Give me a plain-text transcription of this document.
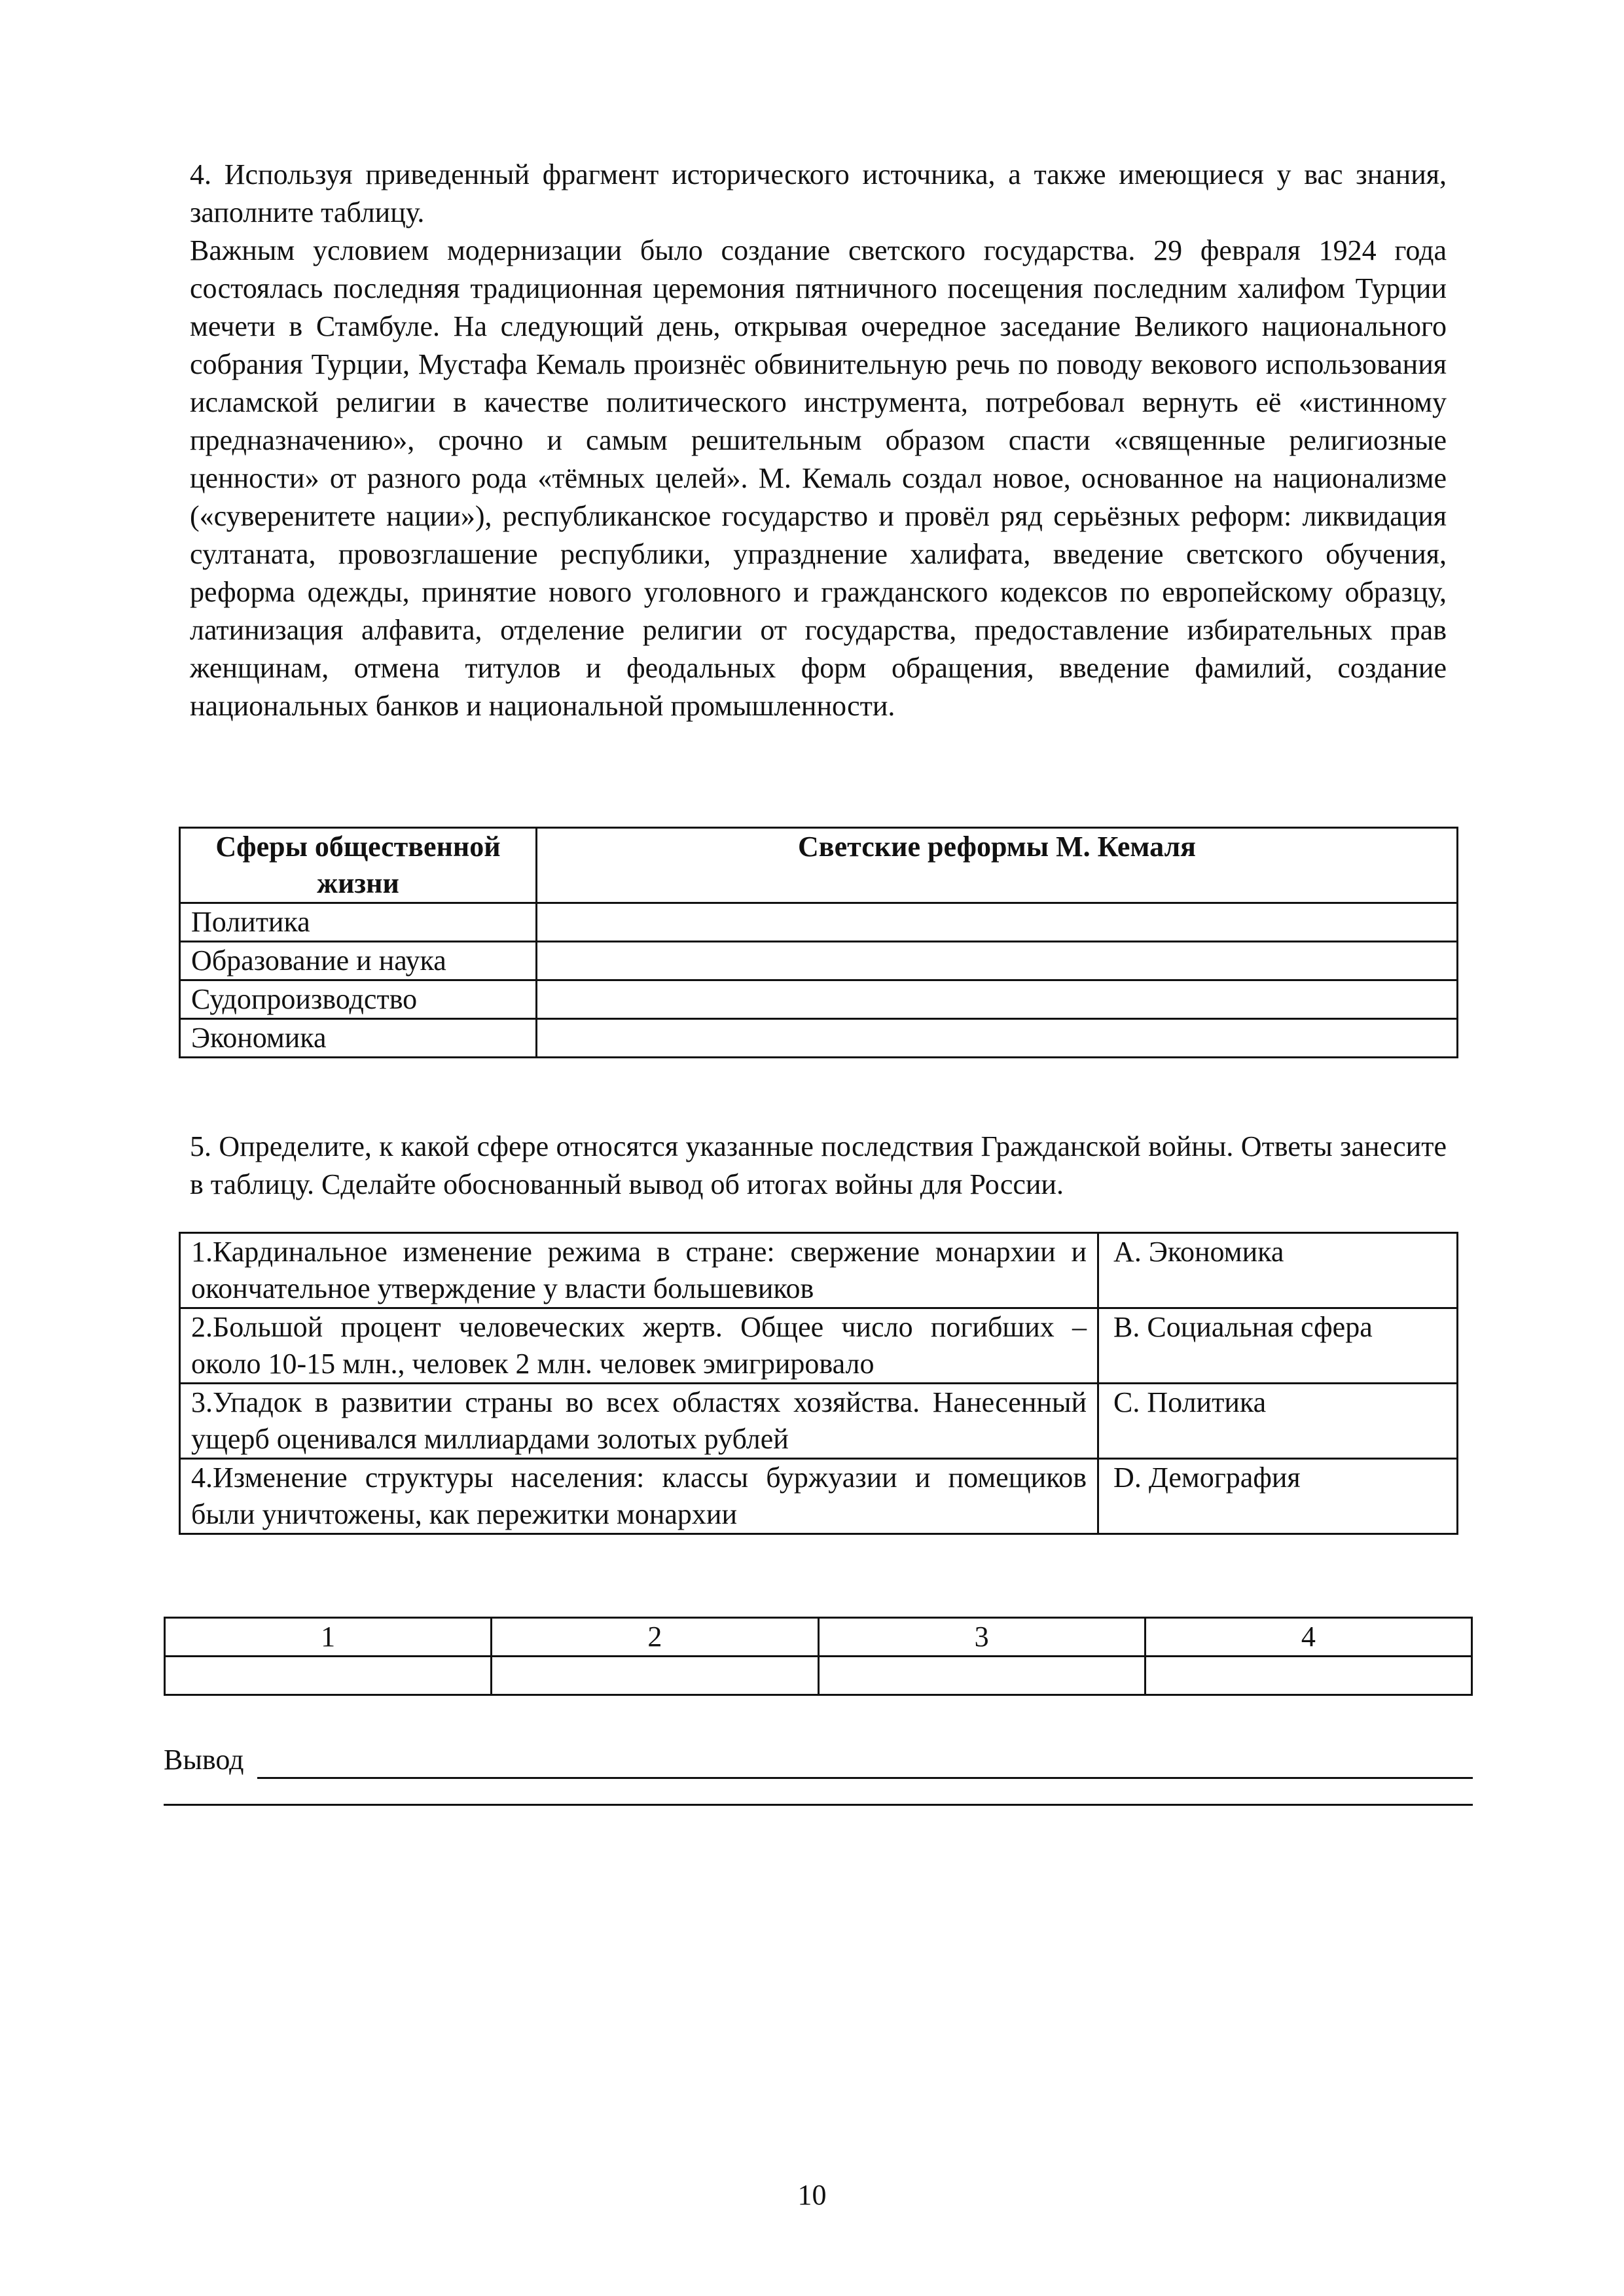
4. Используя приведенный фрагмент исторического источника, а также имеющиеся у вас знания, заполните таблицу.

Важным условием модернизации было создание светского государства. 29 февраля 1924 года состоялась последняя традиционная церемония пятничного посещения последним халифом Турции мечети в Стамбуле. На следующий день, открывая очередное заседание Великого национального собрания Турции, Мустафа Кемаль произнёс обвинительную речь по поводу векового использования исламской религии в качестве политического инструмента, потребовал вернуть её «истинному предназначению», срочно и самым решительным образом спасти «священные религиозные ценности» от разного рода «тёмных целей». М. Кемаль создал новое, основанное на национализме («суверенитете нации»), республиканское государство и провёл ряд серьёзных реформ: ликвидация султаната, провозглашение республики, упразднение халифата, введение светского обучения, реформа одежды, принятие нового уголовного и гражданского кодексов по европейскому образцу, латинизация алфавита, отделение религии от государства, предоставление избирательных прав женщинам, отмена титулов и феодальных форм обращения, введение фамилий, создание национальных банков и национальной промышленности.

Сферы общественной жизни	Светские реформы М. Кемаля
Политика	
Образование и наука	
Судопроизводство	
Экономика	

5. Определите, к какой сфере относятся указанные последствия Гражданской войны. Ответы занесите в таблицу. Сделайте обоснованный вывод об итогах войны для России.

1.Кардинальное изменение режима в стране: свержение монархии и окончательное утверждение у власти большевиков	A. Экономика
2.Большой процент человеческих жертв. Общее число погибших – около 10-15 млн., человек 2 млн. человек эмигрировало	B. Социальная сфера
3.Упадок в развитии страны во всех областях хозяйства. Нанесенный ущерб оценивался миллиардами золотых рублей	C. Политика
4.Изменение структуры населения: классы буржуазии и помещиков были уничтожены, как пережитки монархии	D. Демография
1	2	3	4

Вывод
10
